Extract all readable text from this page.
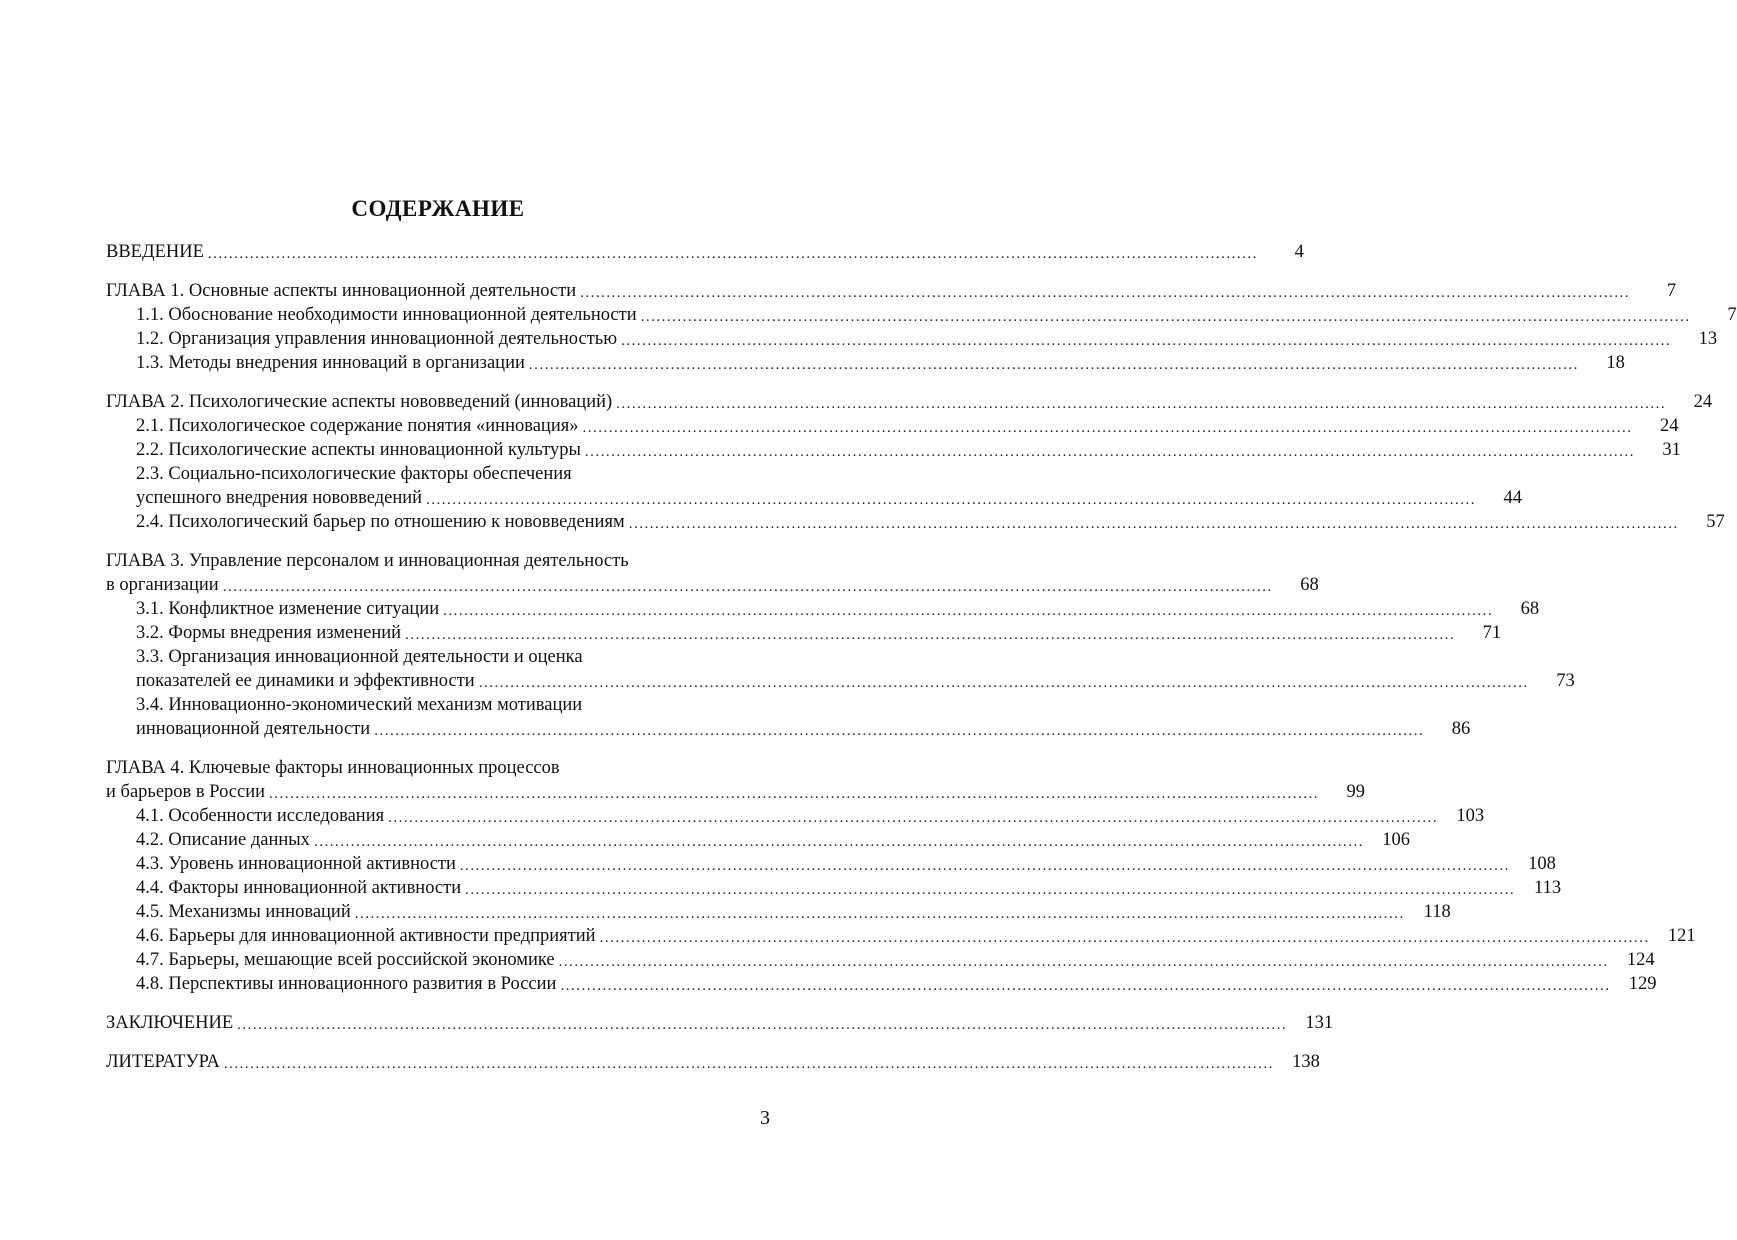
СОДЕРЖАНИЕ
ВВЕДЕНИЕ ........................................................................................................................................................................................................	4
ГЛАВА 1. Основные аспекты инновационной деятельности ........................................................................................................................................................................................................	7
1.1. Обоснование необходимости инновационной деятельности ........................................................................................................................................................................................................	7
1.2. Организация управления инновационной деятельностью ........................................................................................................................................................................................................	13
1.3. Методы внедрения инноваций в организации ........................................................................................................................................................................................................	18
ГЛАВА 2. Психологические аспекты нововведений (инноваций) ........................................................................................................................................................................................................	24
2.1. Психологическое содержание понятия «инновация» ........................................................................................................................................................................................................	24
2.2. Психологические аспекты инновационной культуры ........................................................................................................................................................................................................	31
2.3. Социально-психологические факторы обеспечения
успешного внедрения нововведений ........................................................................................................................................................................................................	44
2.4. Психологический барьер по отношению к нововведениям ........................................................................................................................................................................................................	57
ГЛАВА 3. Управление персоналом и инновационная деятельность
в организации ........................................................................................................................................................................................................	68
3.1. Конфликтное изменение ситуации ........................................................................................................................................................................................................	68
3.2. Формы внедрения изменений ........................................................................................................................................................................................................	71
3.3. Организация инновационной деятельности и оценка
показателей ее динамики и эффективности ........................................................................................................................................................................................................	73
3.4. Инновационно-экономический механизм мотивации
инновационной деятельности ........................................................................................................................................................................................................	86
ГЛАВА 4. Ключевые факторы инновационных процессов
и барьеров в России ........................................................................................................................................................................................................	99
4.1. Особенности исследования ........................................................................................................................................................................................................ 103
4.2. Описание данных ........................................................................................................................................................................................................ 106
4.3. Уровень инновационной активности ........................................................................................................................................................................................................ 108
4.4. Факторы инновационной активности ........................................................................................................................................................................................................	113
4.5. Механизмы инноваций ........................................................................................................................................................................................................	118
4.6. Барьеры для инновационной активности предприятий ........................................................................................................................................................................................................ 121
4.7. Барьеры, мешающие всей российской экономике ........................................................................................................................................................................................................ 124
4.8. Перспективы инновационного развития в России ........................................................................................................................................................................................................ 129
ЗАКЛЮЧЕНИЕ ........................................................................................................................................................................................................ 131
ЛИТЕРАТУРА ........................................................................................................................................................................................................ 138
3
